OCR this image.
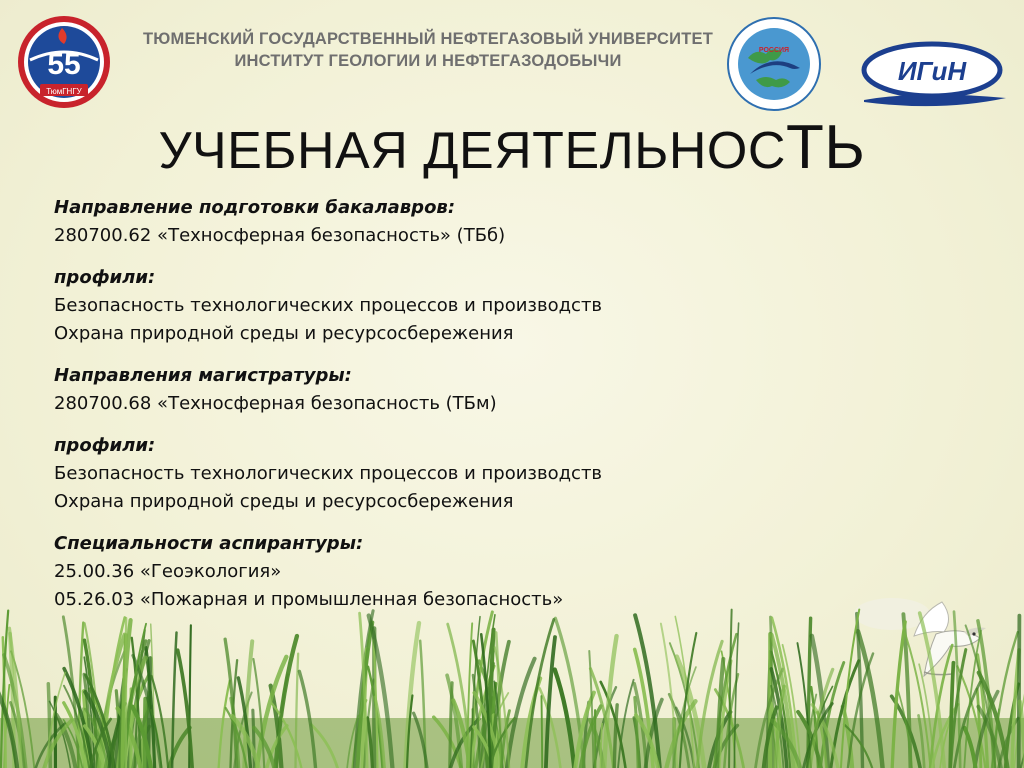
55
ТюмГНГУ
ТЮМЕНСКИЙ ГОСУДАРСТВЕННЫЙ НЕФТЕГАЗОВЫЙ УНИВЕРСИТЕТ
ИНСТИТУТ ГЕОЛОГИИ И НЕФТЕГАЗОДОБЫЧИ
РОССИЯ
ИГиН
УЧЕБНАЯ ДЕЯТЕЛЬНОСТЬ
Направление подготовки бакалавров:
280700.62 «Техносферная безопасность» (ТБб)
профили:
Безопасность технологических процессов и производств
Охрана природной среды и ресурсосбережения
Направления магистратуры:
280700.68 «Техносферная безопасность (ТБм)
профили:
Безопасность технологических процессов и производств
Охрана природной среды и ресурсосбережения
Специальности аспирантуры:
25.00.36 «Геоэкология»
05.26.03 «Пожарная и промышленная безопасность»
